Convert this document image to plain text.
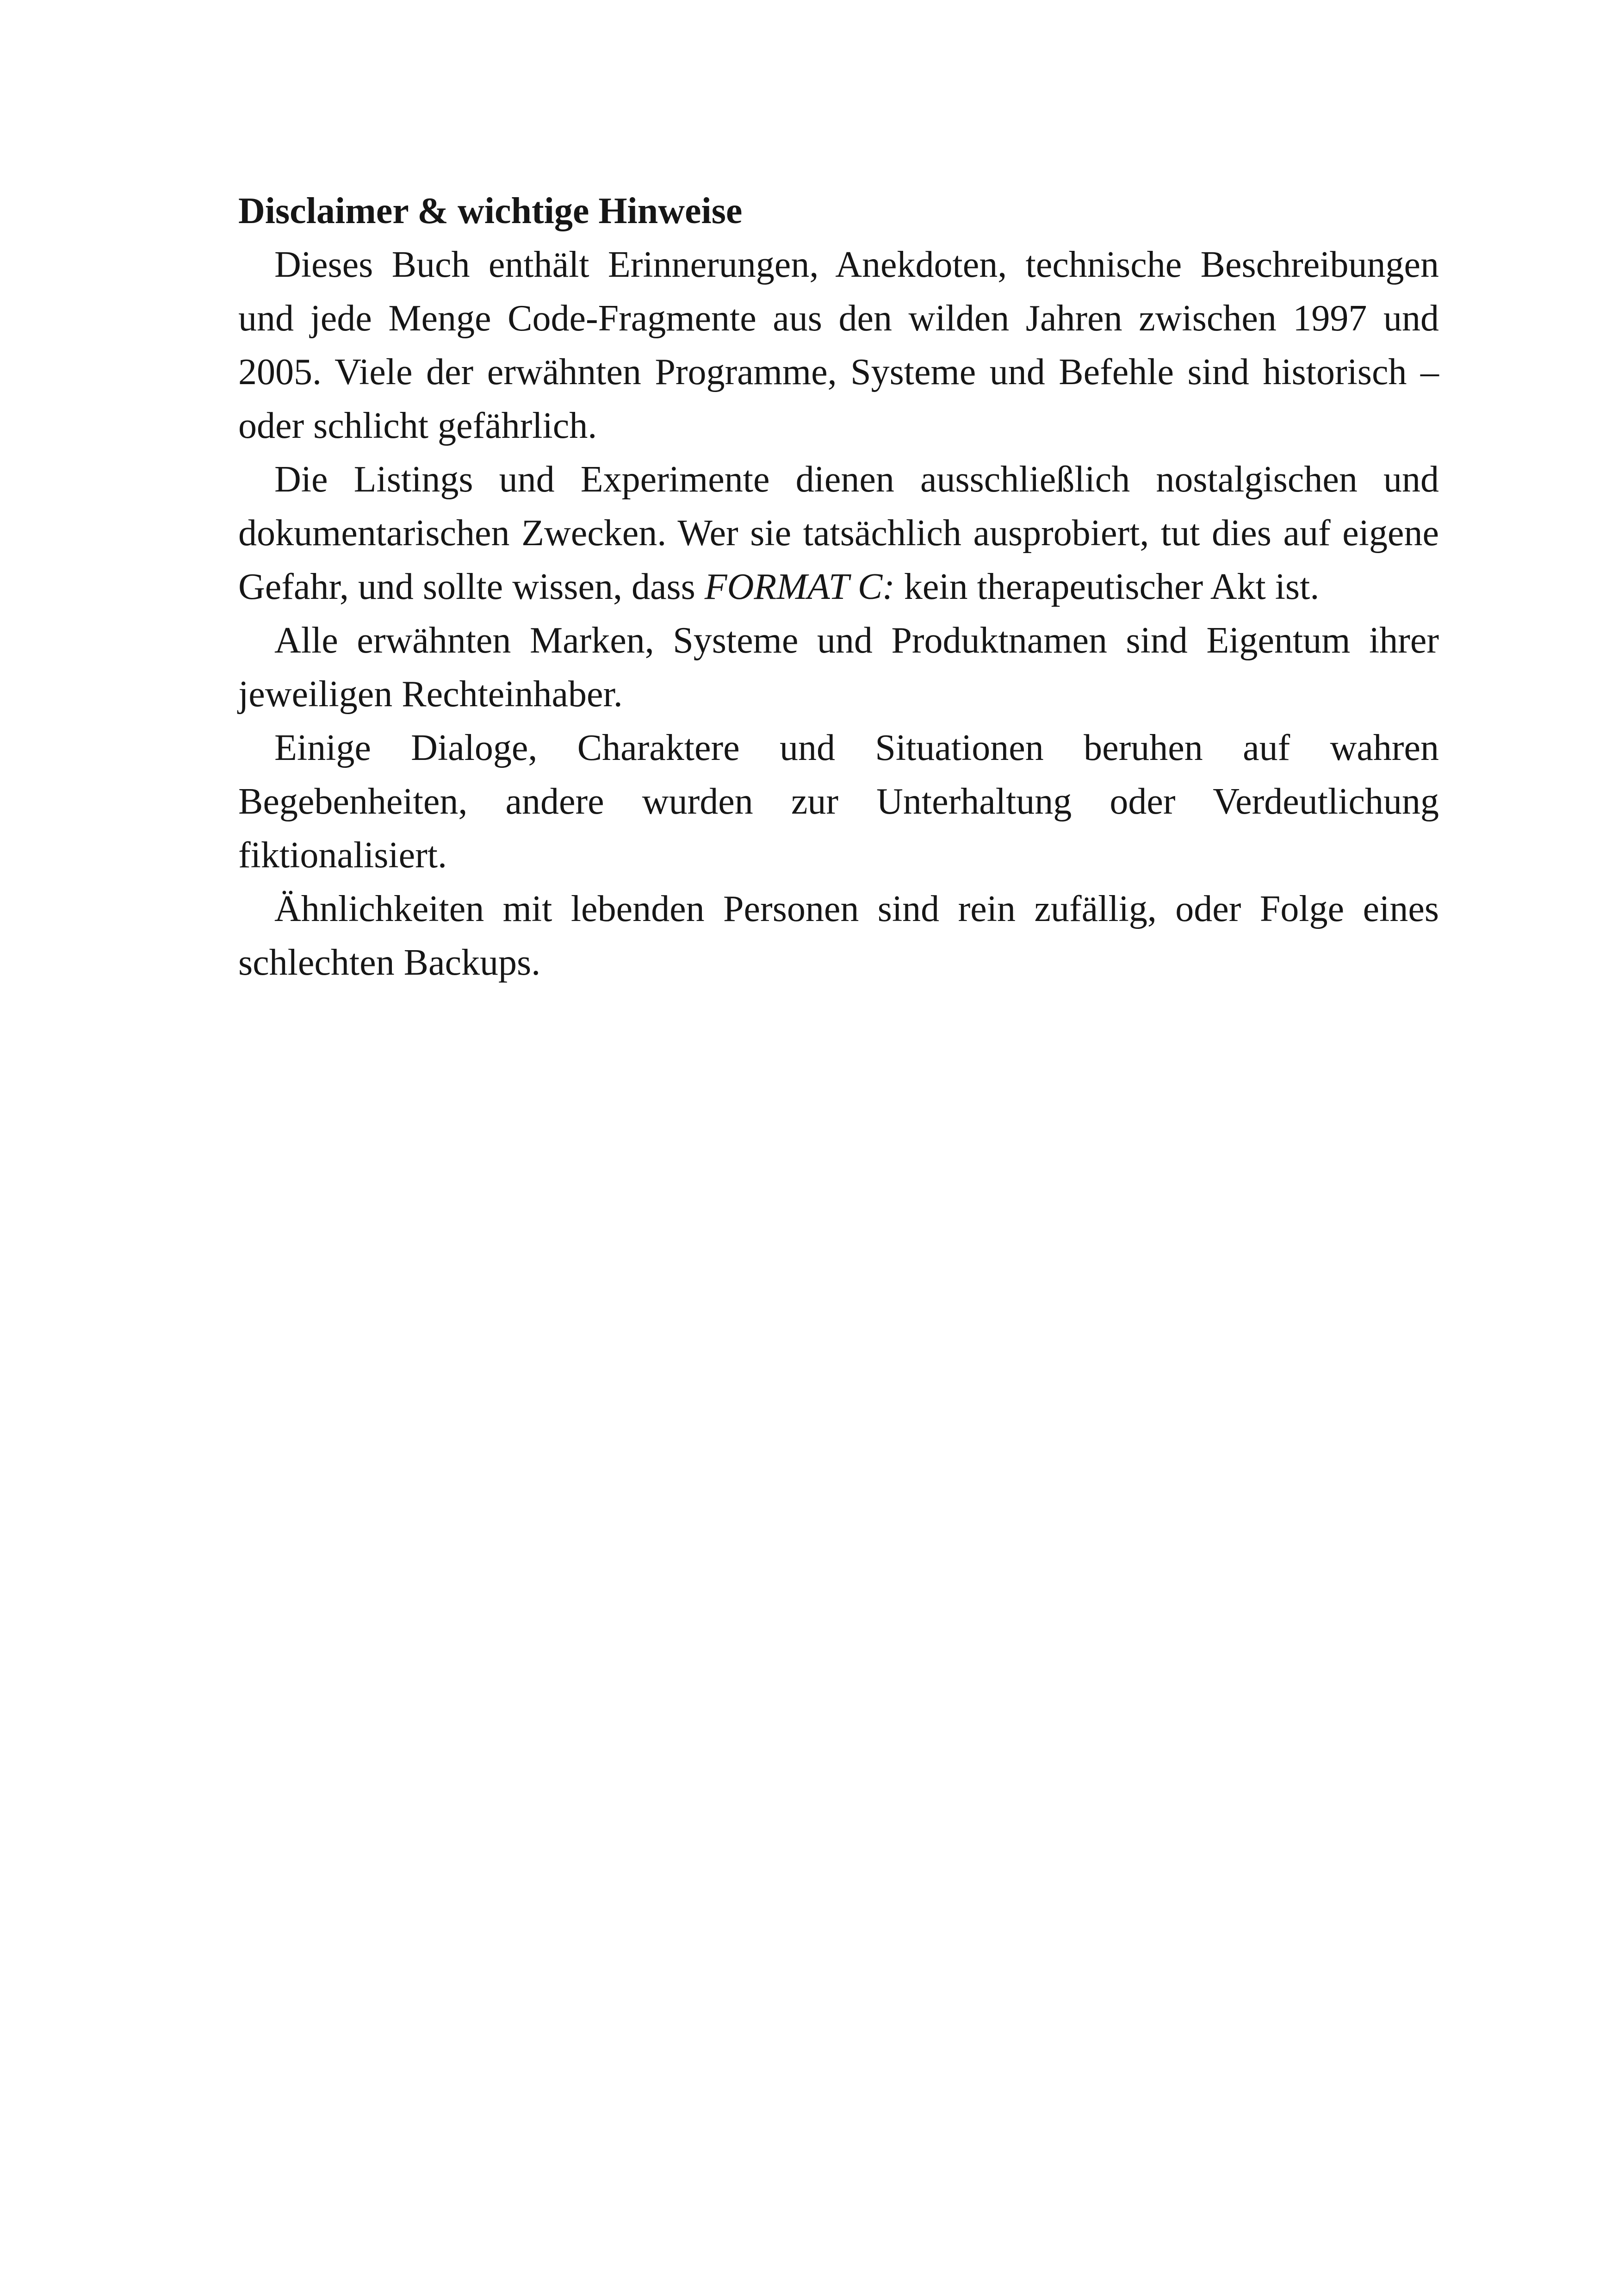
Disclaimer & wichtige Hinweise

Dieses Buch enthält Erinnerungen, Anekdoten, technische Beschreibungen und jede Menge Code-Fragmente aus den wilden Jahren zwischen 1997 und 2005. Viele der erwähnten Programme, Systeme und Befehle sind historisch – oder schlicht gefährlich.

Die Listings und Experimente dienen ausschließlich nostalgischen und dokumentarischen Zwecken. Wer sie tatsächlich ausprobiert, tut dies auf eigene Gefahr, und sollte wissen, dass FORMAT C: kein therapeutischer Akt ist.

Alle erwähnten Marken, Systeme und Produktnamen sind Eigentum ihrer jeweiligen Rechteinhaber.

Einige Dialoge, Charaktere und Situationen beruhen auf wahren Begebenheiten, andere wurden zur Unterhaltung oder Verdeutlichung fiktionalisiert.

Ähnlichkeiten mit lebenden Personen sind rein zufällig, oder Folge eines schlechten Backups.
